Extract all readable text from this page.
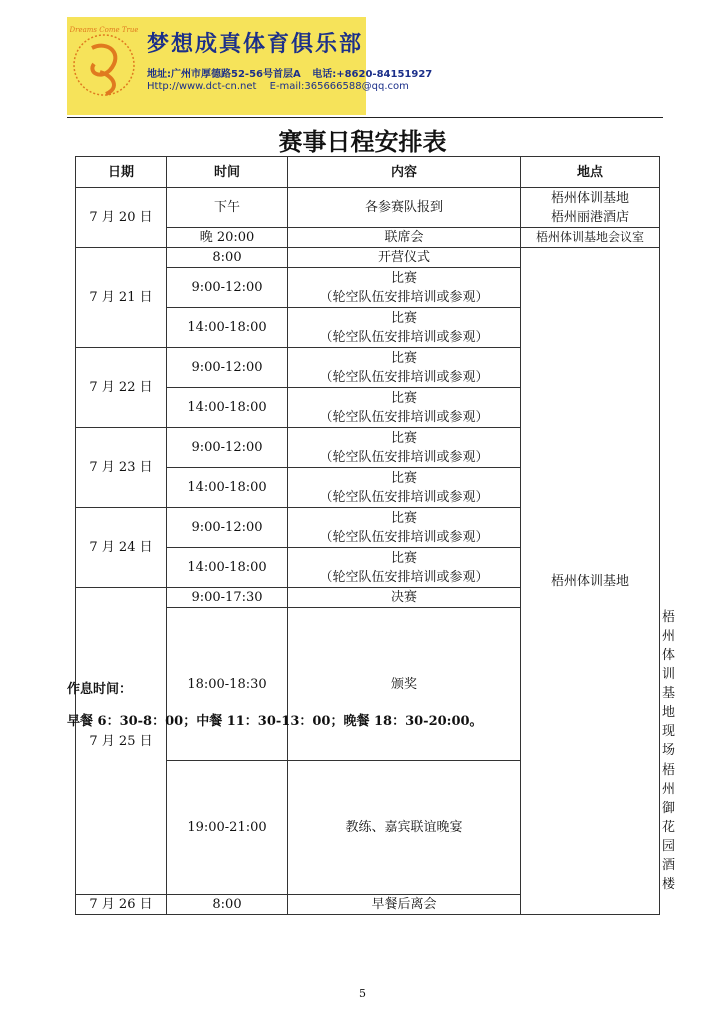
Dreams Come True
梦想成真体育俱乐部
地址:广州市厚德路52-56号首层A 电话:+8620-84151927
Http://www.dct-cn.net E-mail:365666588@qq.com
赛事日程安排表
日期	时间	内容	地点	
7 月 20 日	下午	各参赛队报到	梧州体训基地
梧州丽港酒店	

	晚 20:00	联席会	梧州体训基地会议室	
7 月 21 日	8:00	开营仪式	梧州体训基地	
	9:00-12:00	比赛
（轮空队伍安排培训或参观）		

	14:00-18:00	比赛
（轮空队伍安排培训或参观）		

7 月 22 日	9:00-12:00	比赛
（轮空队伍安排培训或参观）		

	14:00-18:00	比赛
（轮空队伍安排培训或参观）		

7 月 23 日	9:00-12:00	比赛
（轮空队伍安排培训或参观）		

	14:00-18:00	比赛
（轮空队伍安排培训或参观）		

7 月 24 日	9:00-12:00	比赛
（轮空队伍安排培训或参观）		

	14:00-18:00	比赛
（轮空队伍安排培训或参观）		

7 月 25 日	9:00-17:30	决赛		
	18:00-18:30	颁奖		梧州体训基地现场
	19:00-21:00	教练、嘉宾联谊晚宴		梧州御花园酒楼
7 月 26 日	8:00	早餐后离会		
作息时间：
早餐 6：30-8：00；中餐 11：30-13：00；晚餐 18：30-20:00。
5
